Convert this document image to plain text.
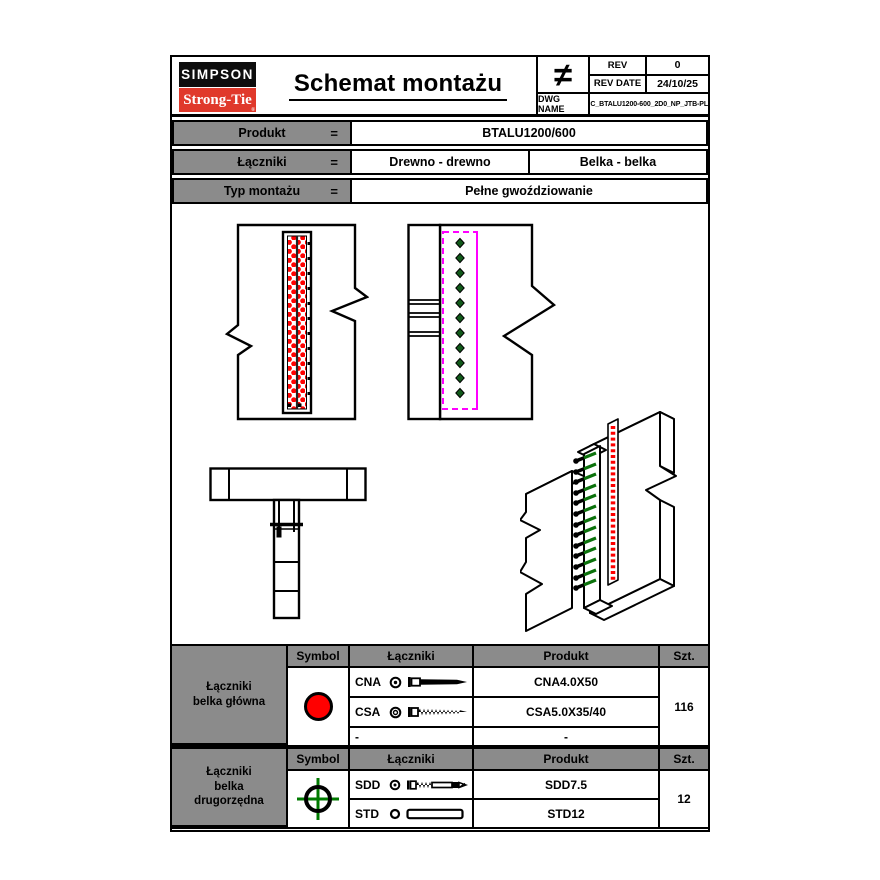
SIMPSON
Strong-Tie
®
Schemat montażu	≠	REV	0
REV DATE	24/10/25
DWG NAME	C_BTALU1200-600_2D0_NP_JTB-PL
Produkt	=	BTALU1200/600
Łączniki	=	Drewno - drewno	Belka - belka
Typ montażu =	Pełne gwoździowanie
Łączniki
belka główna
Symbol	Łączniki	Produkt	Szt.
CNA	CNA4.0X50
CSA	CSA5.0X35/40
-	-
116
Łączniki
belka
drugorzędna
Symbol	Łączniki	Produkt	Szt.
SDD	SDD7.5
STD	STD12
12
